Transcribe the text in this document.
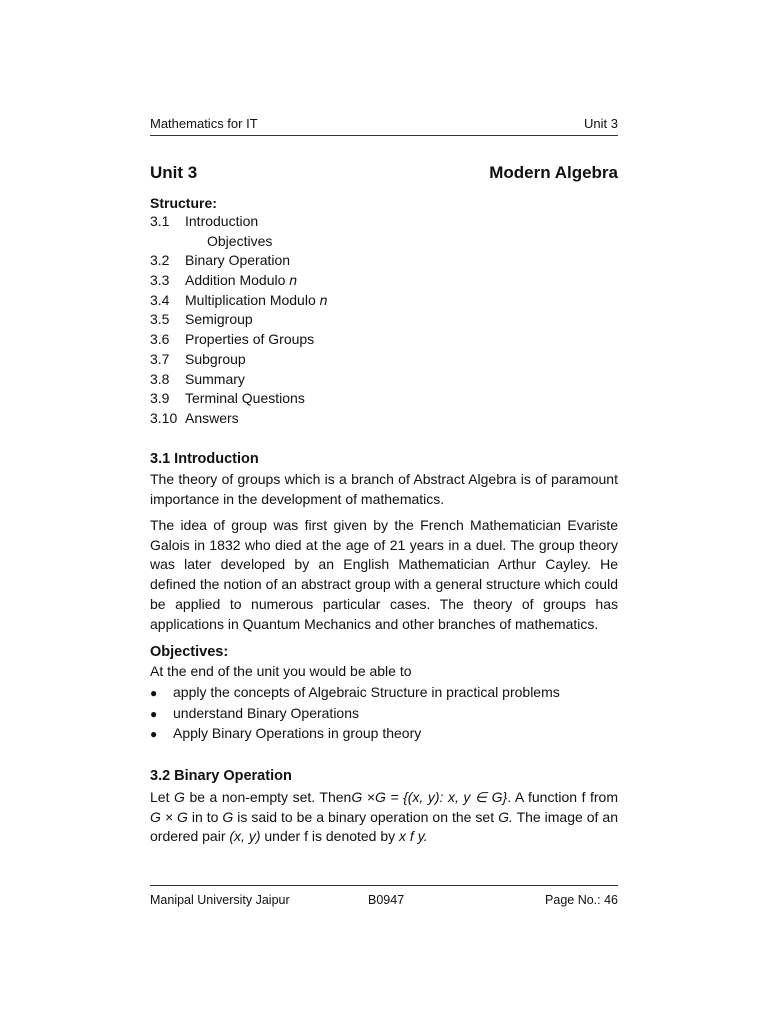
Mathematics for IT	Unit 3
Unit 3	Modern Algebra
Structure:
3.1 Introduction
Objectives
3.2 Binary Operation
3.3 Addition Modulo n
3.4 Multiplication Modulo n
3.5 Semigroup
3.6 Properties of Groups
3.7 Subgroup
3.8 Summary
3.9 Terminal Questions
3.10 Answers
3.1 Introduction

The theory of groups which is a branch of Abstract Algebra is of paramount importance in the development of mathematics.

The idea of group was first given by the French Mathematician Evariste Galois in 1832 who died at the age of 21 years in a duel. The group theory was later developed by an English Mathematician Arthur Cayley. He defined the notion of an abstract group with a general structure which could be applied to numerous particular cases. The theory of groups has applications in Quantum Mechanics and other branches of mathematics.

Objectives:

At the end of the unit you would be able to

● apply the concepts of Algebraic Structure in practical problems
● understand Binary Operations
● Apply Binary Operations in group theory
3.2 Binary Operation

Let G be a non-empty set. ThenG ×G = {(x, y): x, y ∈ G}. A function f from G × G in to G is said to be a binary operation on the set G. The image of an ordered pair (x, y) under f is denoted by x f y.

Manipal University Jaipur	B0947	Page No.: 46
